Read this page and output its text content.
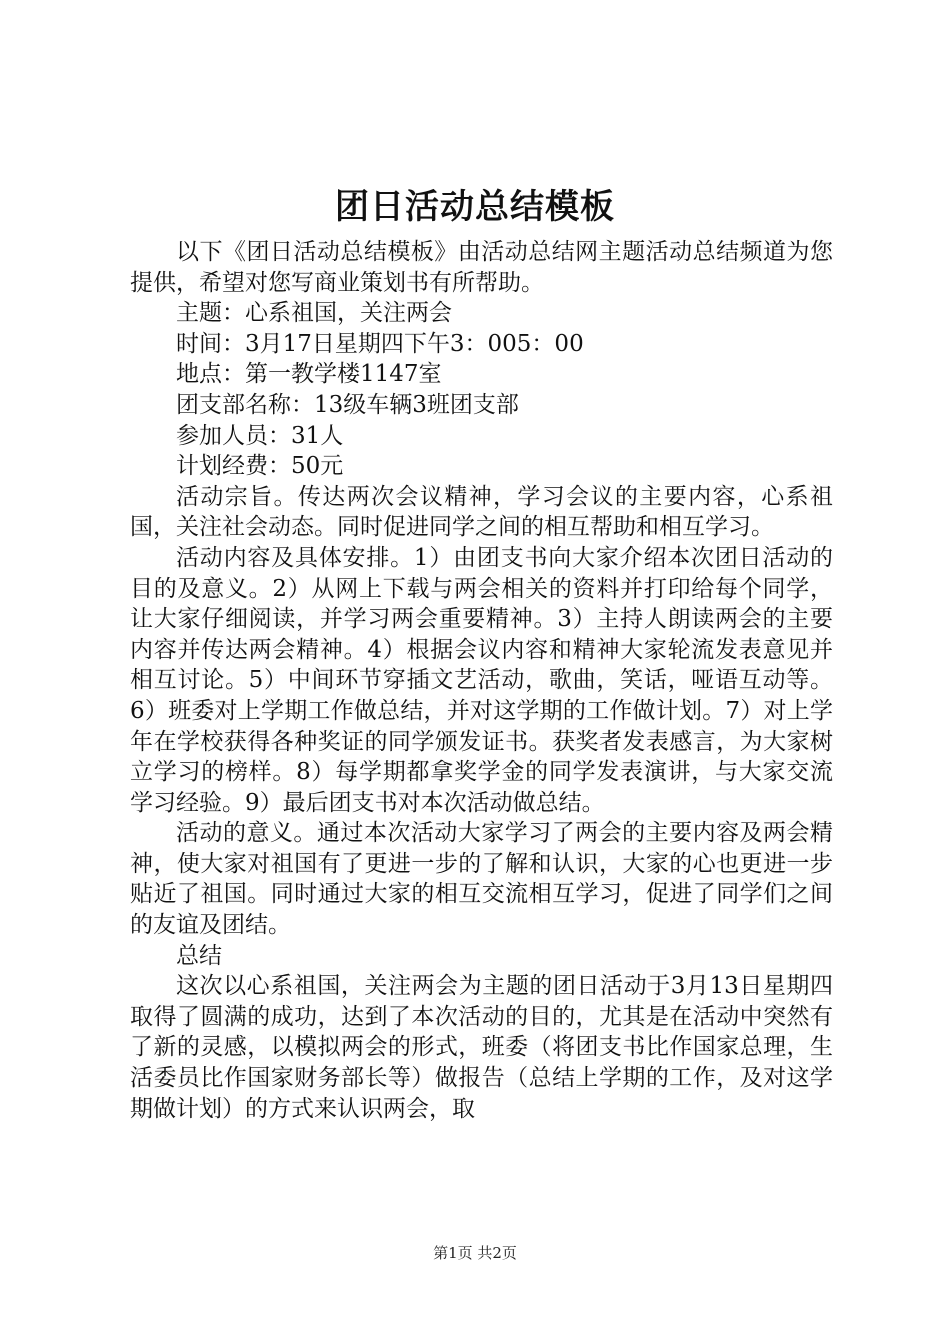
团日活动总结模板

以下《团日活动总结模板》由活动总结网主题活动总结频道为您提供，希望对您写商业策划书有所帮助。

主题：心系祖国，关注两会

时间：3月17日星期四下午3：005：00

地点：第一教学楼1147室

团支部名称：13级车辆3班团支部

参加人员：31人

计划经费：50元

活动宗旨。传达两次会议精神，学习会议的主要内容，心系祖国，关注社会动态。同时促进同学之间的相互帮助和相互学习。

活动内容及具体安排。1）由团支书向大家介绍本次团日活动的目的及意义。2）从网上下载与两会相关的资料并打印给每个同学，让大家仔细阅读，并学习两会重要精神。3）主持人朗读两会的主要内容并传达两会精神。4）根据会议内容和精神大家轮流发表意见并相互讨论。5）中间环节穿插文艺活动，歌曲，笑话，哑语互动等。6）班委对上学期工作做总结，并对这学期的工作做计划。7）对上学年在学校获得各种奖证的同学颁发证书。获奖者发表感言，为大家树立学习的榜样。8）每学期都拿奖学金的同学发表演讲，与大家交流学习经验。9）最后团支书对本次活动做总结。

活动的意义。通过本次活动大家学习了两会的主要内容及两会精神，使大家对祖国有了更进一步的了解和认识，大家的心也更进一步贴近了祖国。同时通过大家的相互交流相互学习，促进了同学们之间的友谊及团结。

总结

这次以心系祖国，关注两会为主题的团日活动于3月13日星期四取得了圆满的成功，达到了本次活动的目的，尤其是在活动中突然有了新的灵感，以模拟两会的形式，班委（将团支书比作国家总理，生活委员比作国家财务部长等）做报告（总结上学期的工作，及对这学期做计划）的方式来认识两会，取

第1页 共2页
